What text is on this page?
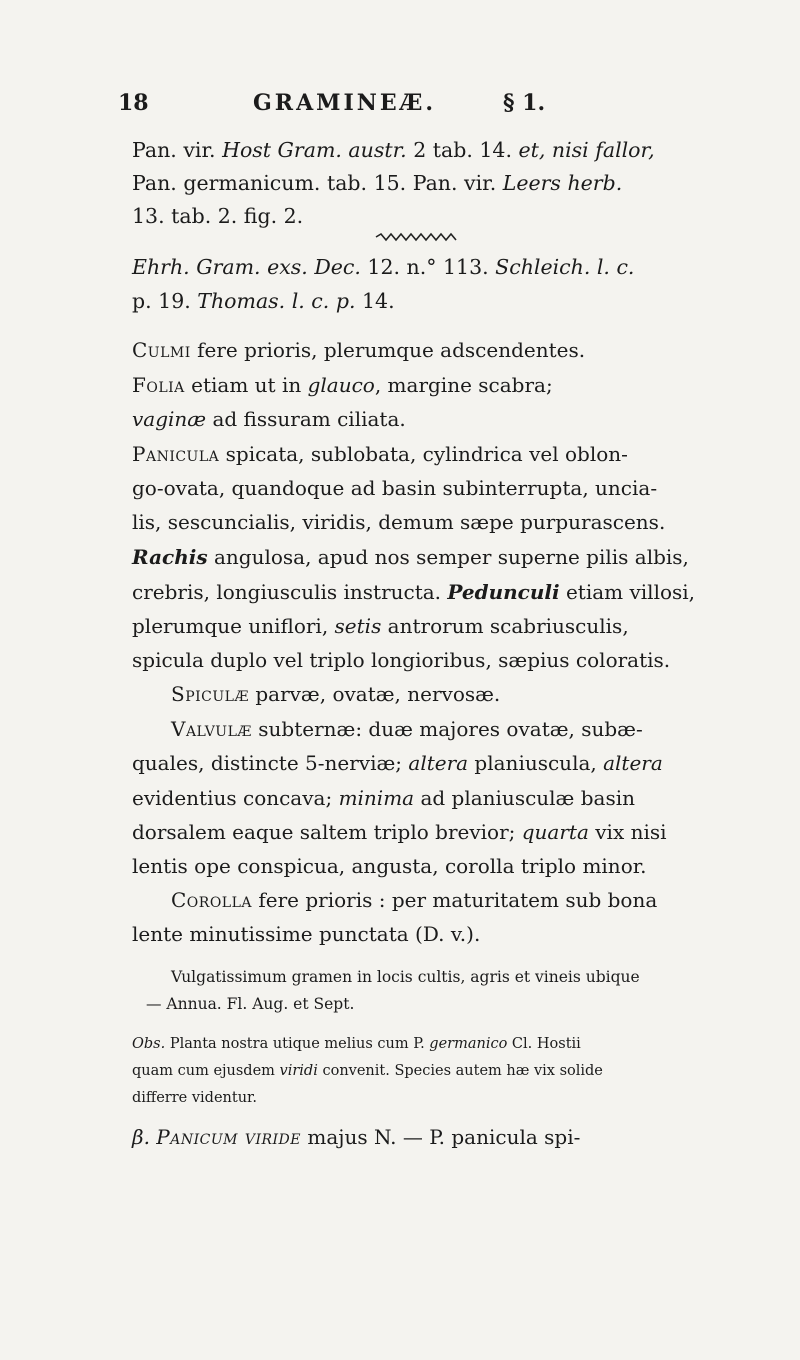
18	GRAMINEÆ.	§ 1.
Pan. vir. Host Gram. austr. 2 tab. 14. et, nisi fallor,
Pan. germanicum. tab. 15. Pan. vir. Leers herb.
13. tab. 2. fig. 2.
Ehrh. Gram. exs. Dec. 12. n.° 113. Schleich. l. c.
p. 19. Thomas. l. c. p. 14.
Culmi fere prioris, plerumque adscendentes.
Folia etiam ut in glauco, margine scabra;
vaginæ ad fissuram ciliata.
Panicula spicata, sublobata, cylindrica vel oblon-
go-ovata, quandoque ad basin subinterrupta, uncia-
lis, sescuncialis, viridis, demum sæpe purpurascens.
Rachis angulosa, apud nos semper superne pilis albis,
crebris, longiusculis instructa. Pedunculi etiam villosi,
plerumque uniflori, setis antrorum scabriusculis,
spicula duplo vel triplo longioribus, sæpius coloratis.
Spiculæ parvæ, ovatæ, nervosæ.
Valvulæ subternæ: duæ majores ovatæ, subæ-
quales, distincte 5-nerviæ; altera planiuscula, altera
evidentius concava; minima ad planiusculæ basin
dorsalem eaque saltem triplo brevior; quarta vix nisi
lentis ope conspicua, angusta, corolla triplo minor.
Corolla fere prioris : per maturitatem sub bona
lente minutissime punctata (D. v.).
Vulgatissimum gramen in locis cultis, agris et vineis ubique
— Annua. Fl. Aug. et Sept.
Obs. Planta nostra utique melius cum P. germanico Cl. Hostii
quam cum ejusdem viridi convenit. Species autem hæ vix solide
differre videntur.
β. Panicum viride majus N. — P. panicula spi-
